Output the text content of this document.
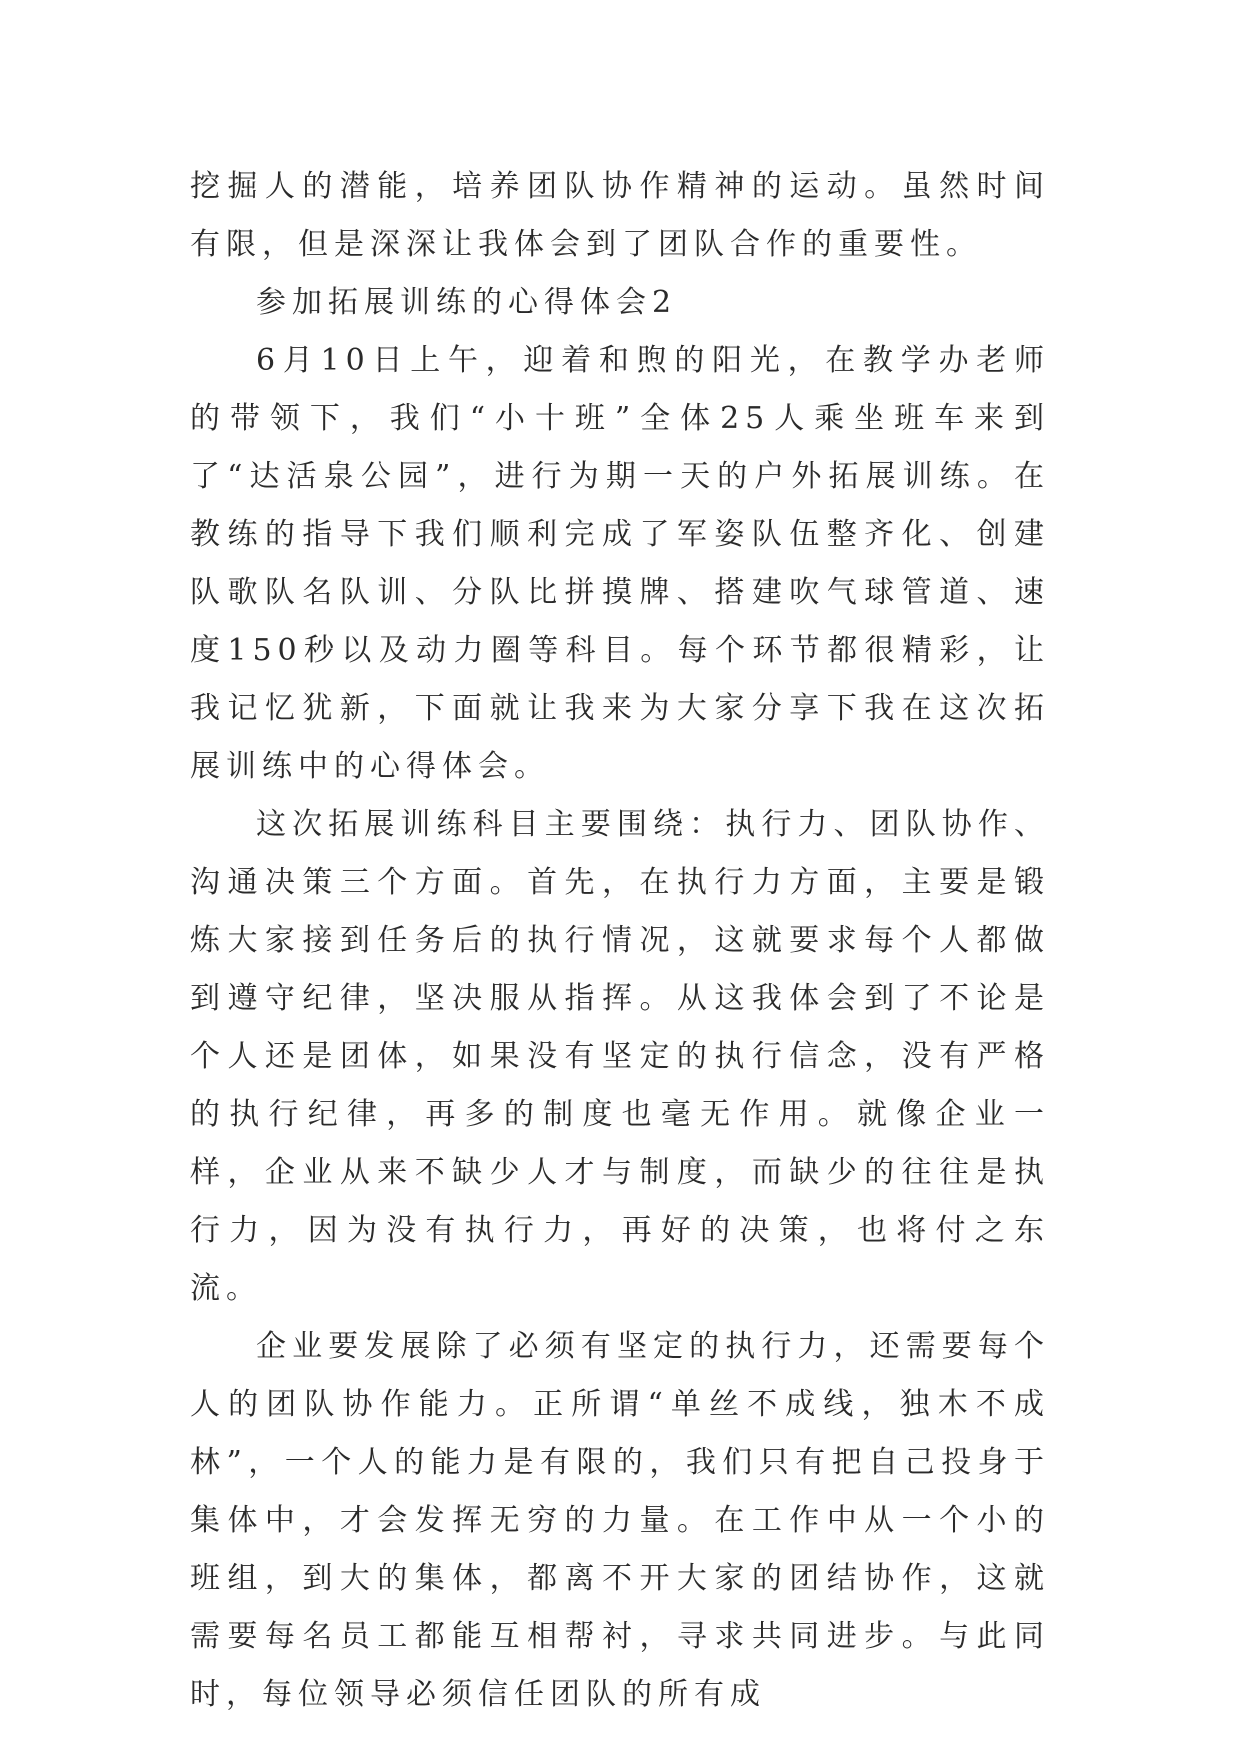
挖掘人的潜能，培养团队协作精神的运动。虽然时间有限，但是深深让我体会到了团队合作的重要性。

参加拓展训练的心得体会2

6月10日上午，迎着和煦的阳光，在教学办老师的带领下，我们“小十班”全体25人乘坐班车来到了“达活泉公园”，进行为期一天的户外拓展训练。在教练的指导下我们顺利完成了军姿队伍整齐化、创建队歌队名队训、分队比拼摸牌、搭建吹气球管道、速度150秒以及动力圈等科目。每个环节都很精彩，让我记忆犹新，下面就让我来为大家分享下我在这次拓展训练中的心得体会。

这次拓展训练科目主要围绕：执行力、团队协作、沟通决策三个方面。首先，在执行力方面，主要是锻炼大家接到任务后的执行情况，这就要求每个人都做到遵守纪律，坚决服从指挥。从这我体会到了不论是个人还是团体，如果没有坚定的执行信念，没有严格的执行纪律，再多的制度也毫无作用。就像企业一样，企业从来不缺少人才与制度，而缺少的往往是执行力，因为没有执行力，再好的决策，也将付之东流。

企业要发展除了必须有坚定的执行力，还需要每个人的团队协作能力。正所谓“单丝不成线，独木不成林”，一个人的能力是有限的，我们只有把自己投身于集体中，才会发挥无穷的力量。在工作中从一个小的班组，到大的集体，都离不开大家的团结协作，这就需要每名员工都能互相帮衬，寻求共同进步。与此同时，每位领导必须信任团队的所有成
